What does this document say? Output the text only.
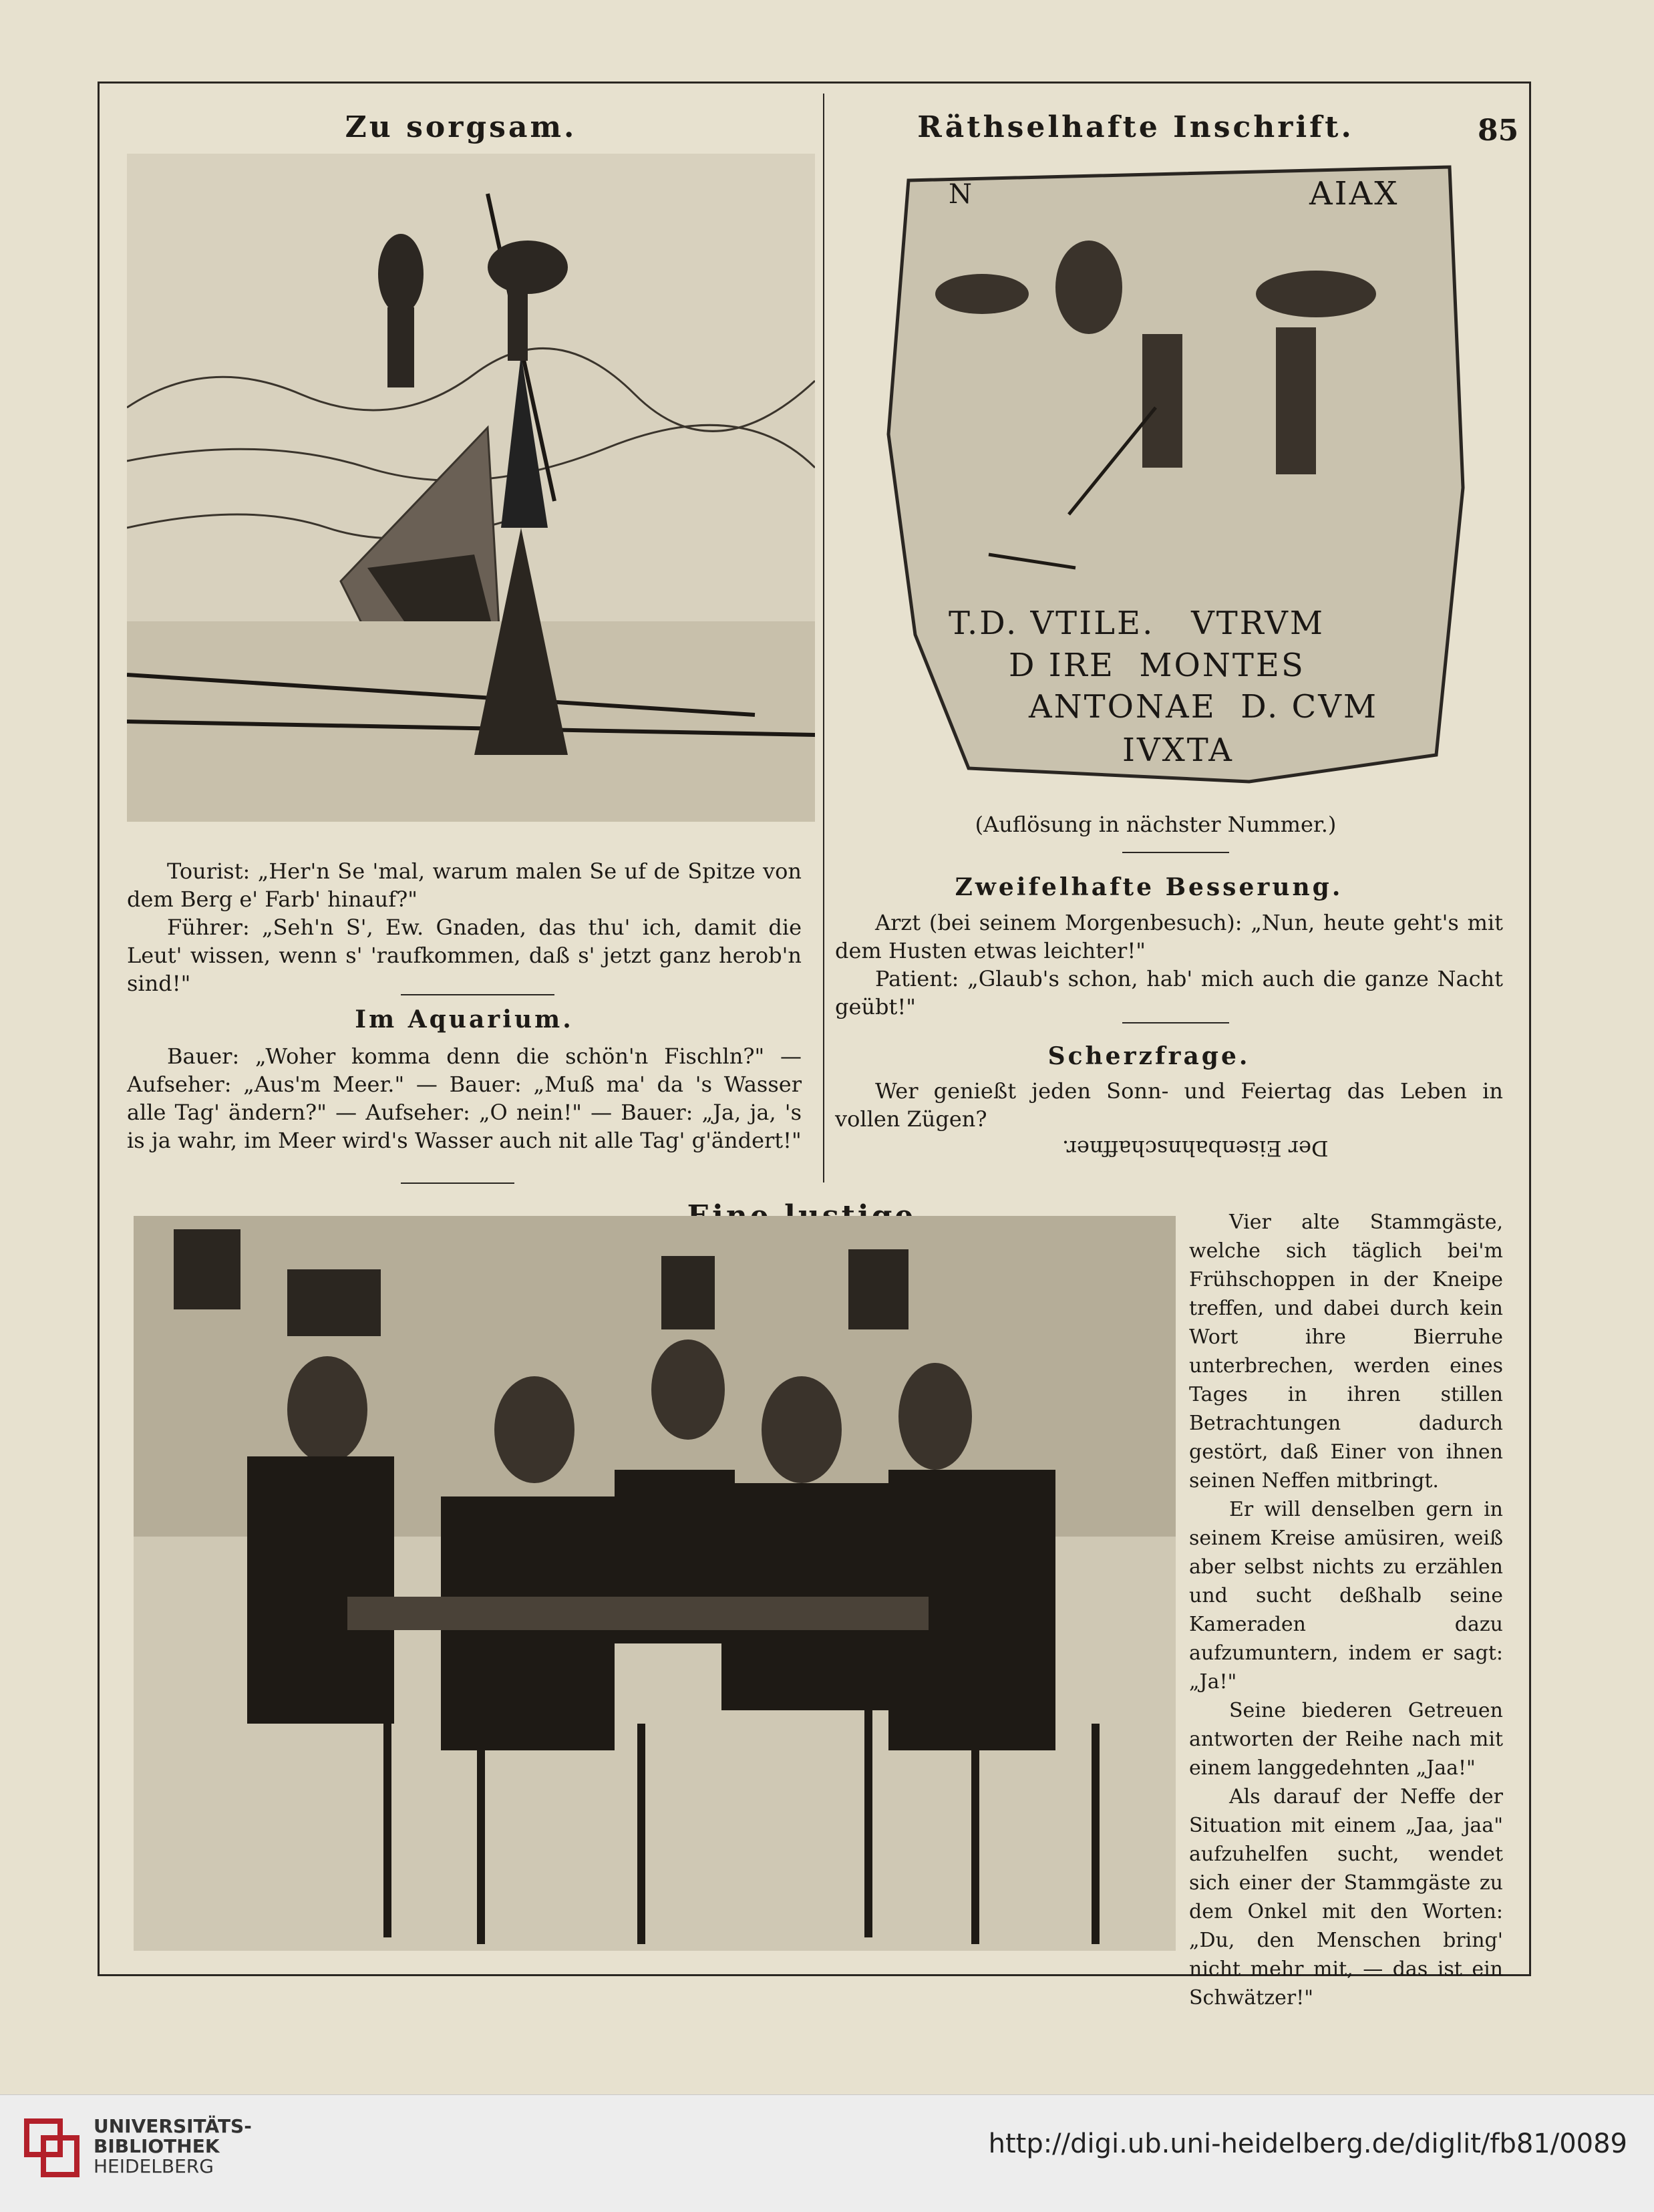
85
Zu sorgsam.

Tourist: „Her'n Se 'mal, warum malen Se uf de Spitze von dem Berg e' Farb' hinauf?"

Führer: „Seh'n S', Ew. Gnaden, das thu' ich, damit die Leut' wissen, wenn s' 'raufkommen, daß s' jetzt ganz herob'n sind!"

Im Aquarium.

Bauer: „Woher komma denn die schön'n Fischln?" — Aufseher: „Aus'm Meer." — Bauer: „Muß ma' da 's Wasser alle Tag' ändern?" — Aufseher: „O nein!" — Bauer: „Ja, ja, 's is ja wahr, im Meer wird's Wasser auch nit alle Tag' g'ändert!"

Räthselhafte Inschrift.
N	AIAX
T.D. VTILE.   VTRVM
D IRE  MONTES
ANTONAE  D. CVM
IVXTA
(Auflösung in nächster Nummer.)
Zweifelhafte Besserung.

Arzt (bei seinem Morgenbesuch): „Nun, heute geht's mit dem Husten etwas leichter!"

Patient: „Glaub's schon, hab' mich auch die ganze Nacht geübt!"

Scherzfrage.

Wer genießt jeden Sonn- und Feiertag das Leben in vollen Zügen?

Der Eisenbahnschaffner.

Vier alte Stammgäste, welche sich täglich bei'm Frühschoppen in der Kneipe treffen, und dabei durch kein Wort ihre Bierruhe unterbrechen, werden eines Tages in ihren stillen Betrachtungen dadurch gestört, daß Einer von ihnen seinen Neffen mitbringt.

Er will denselben gern in seinem Kreise amüsiren, weiß aber selbst nichts zu erzählen und sucht deßhalb seine Kameraden dazu aufzumuntern, indem er sagt: „Ja!"

Seine biederen Getreuen antworten der Reihe nach mit einem langgedehnten „Jaa!"

Als darauf der Neffe der Situation mit einem „Jaa, jaa" aufzuhelfen sucht, wendet sich einer der Stammgäste zu dem Onkel mit den Worten: „Du, den Menschen bring' nicht mehr mit, — das ist ein Schwätzer!"

UNIVERSITÄTS-
BIBLIOTHEK
HEIDELBERG
http://digi.ub.uni-heidelberg.de/diglit/fb81/0089
